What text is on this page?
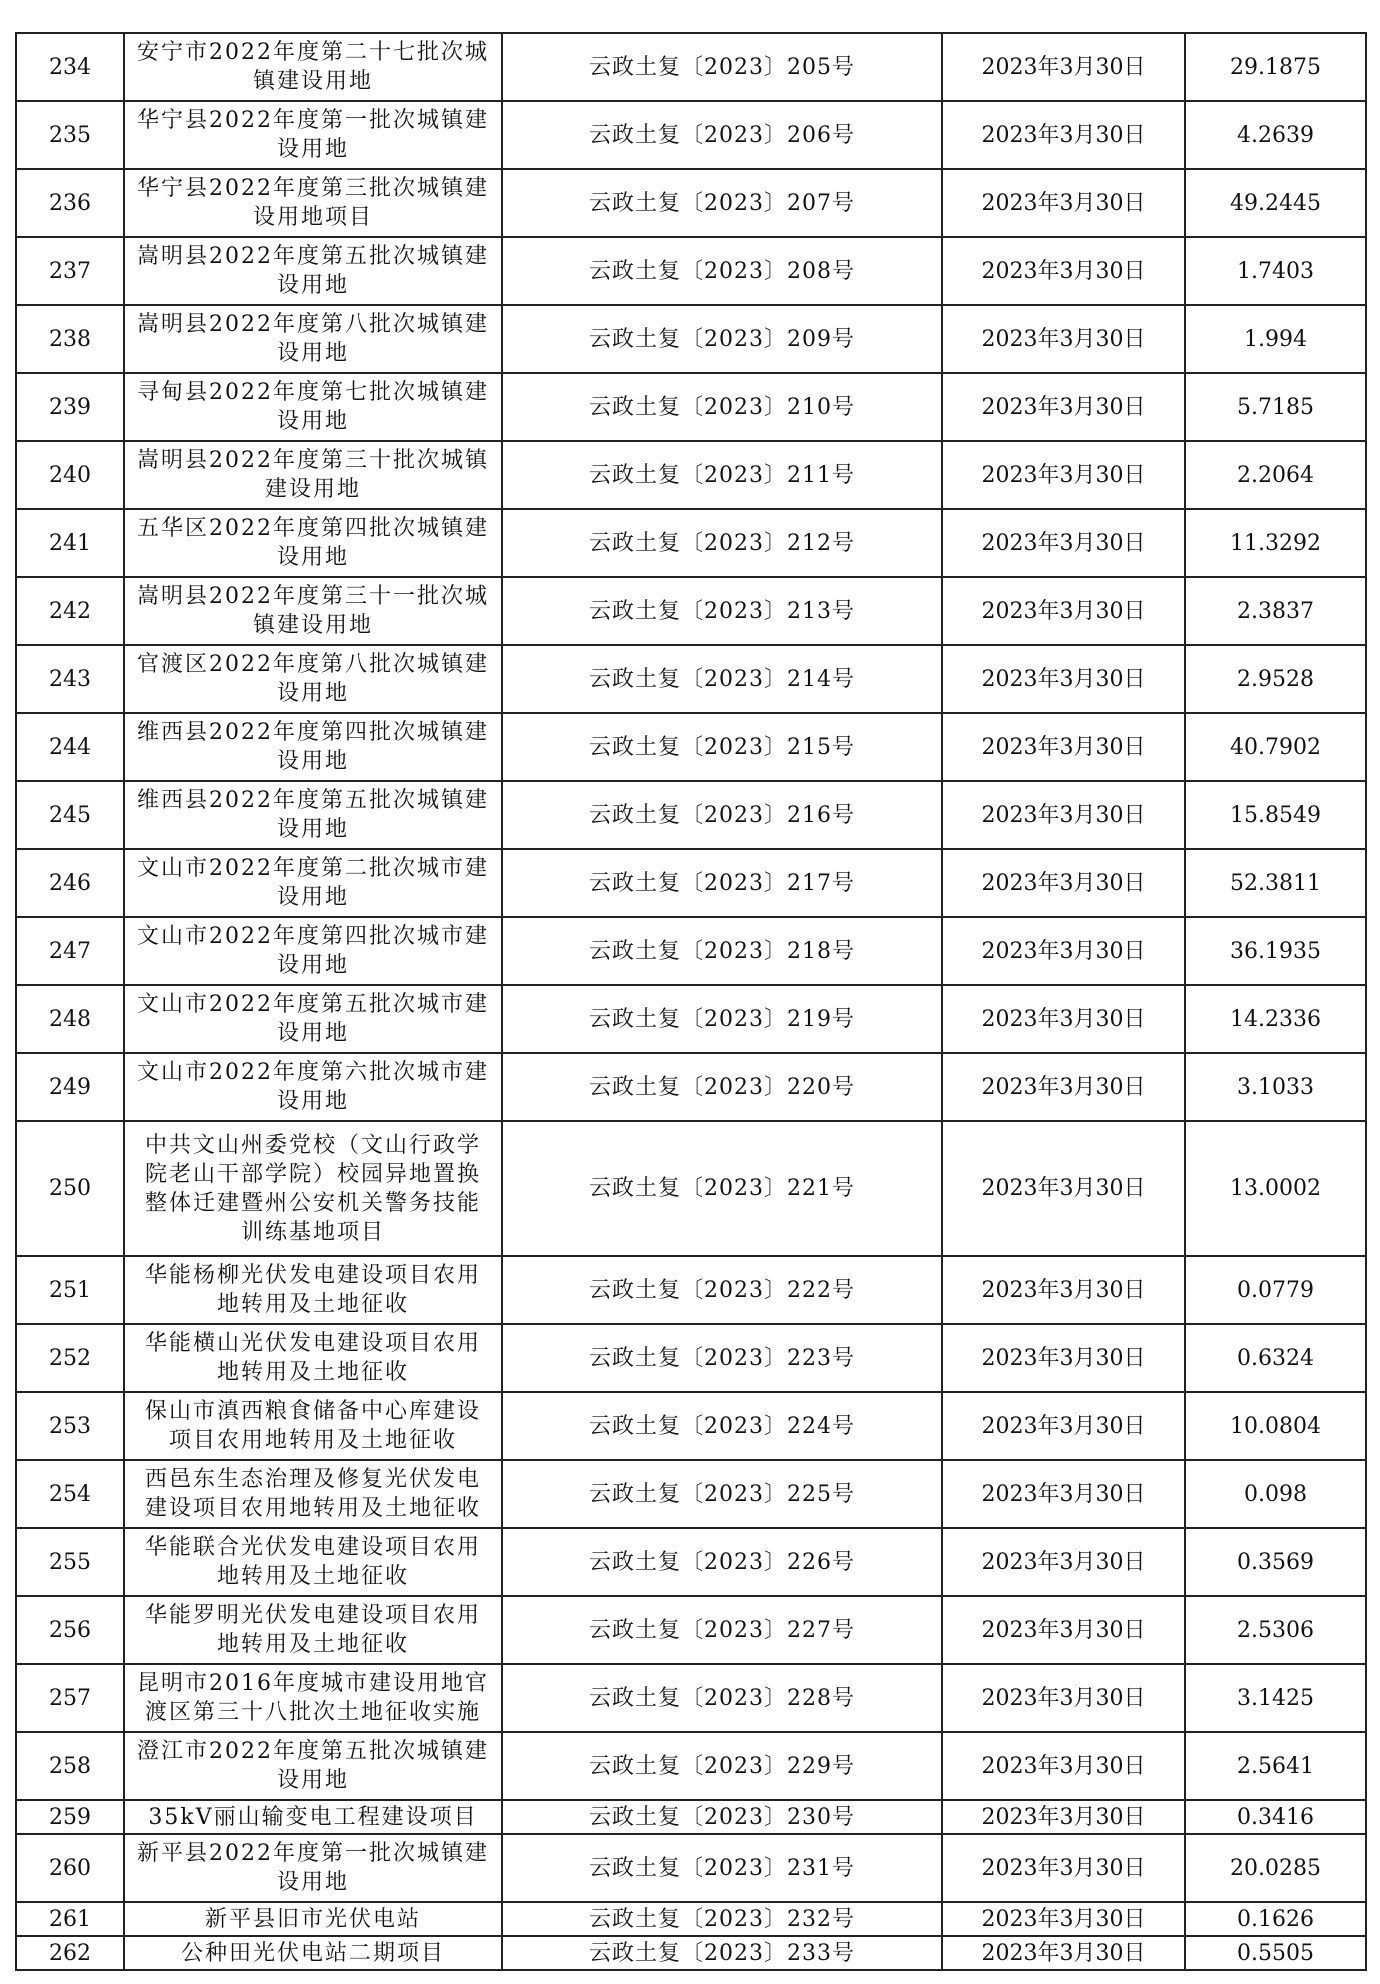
234	安宁市2022年度第二十七批次城镇建设用地	云政土复〔2023〕205号	2023年3月30日	29.1875
235	华宁县2022年度第一批次城镇建设用地	云政土复〔2023〕206号	2023年3月30日	4.2639
236	华宁县2022年度第三批次城镇建设用地项目	云政土复〔2023〕207号	2023年3月30日	49.2445
237	嵩明县2022年度第五批次城镇建设用地	云政土复〔2023〕208号	2023年3月30日	1.7403
238	嵩明县2022年度第八批次城镇建设用地	云政土复〔2023〕209号	2023年3月30日	1.994
239	寻甸县2022年度第七批次城镇建设用地	云政土复〔2023〕210号	2023年3月30日	5.7185
240	嵩明县2022年度第三十批次城镇建设用地	云政土复〔2023〕211号	2023年3月30日	2.2064
241	五华区2022年度第四批次城镇建设用地	云政土复〔2023〕212号	2023年3月30日	11.3292
242	嵩明县2022年度第三十一批次城镇建设用地	云政土复〔2023〕213号	2023年3月30日	2.3837
243	官渡区2022年度第八批次城镇建设用地	云政土复〔2023〕214号	2023年3月30日	2.9528
244	维西县2022年度第四批次城镇建设用地	云政土复〔2023〕215号	2023年3月30日	40.7902
245	维西县2022年度第五批次城镇建设用地	云政土复〔2023〕216号	2023年3月30日	15.8549
246	文山市2022年度第二批次城市建设用地	云政土复〔2023〕217号	2023年3月30日	52.3811
247	文山市2022年度第四批次城市建设用地	云政土复〔2023〕218号	2023年3月30日	36.1935
248	文山市2022年度第五批次城市建设用地	云政土复〔2023〕219号	2023年3月30日	14.2336
249	文山市2022年度第六批次城市建设用地	云政土复〔2023〕220号	2023年3月30日	3.1033
250	中共文山州委党校（文山行政学院老山干部学院）校园异地置换整体迁建暨州公安机关警务技能训练基地项目	云政土复〔2023〕221号	2023年3月30日	13.0002
251	华能杨柳光伏发电建设项目农用地转用及土地征收	云政土复〔2023〕222号	2023年3月30日	0.0779
252	华能横山光伏发电建设项目农用地转用及土地征收	云政土复〔2023〕223号	2023年3月30日	0.6324
253	保山市滇西粮食储备中心库建设项目农用地转用及土地征收	云政土复〔2023〕224号	2023年3月30日	10.0804
254	西邑东生态治理及修复光伏发电建设项目农用地转用及土地征收	云政土复〔2023〕225号	2023年3月30日	0.098
255	华能联合光伏发电建设项目农用地转用及土地征收	云政土复〔2023〕226号	2023年3月30日	0.3569
256	华能罗明光伏发电建设项目农用地转用及土地征收	云政土复〔2023〕227号	2023年3月30日	2.5306
257	昆明市2016年度城市建设用地官渡区第三十八批次土地征收实施	云政土复〔2023〕228号	2023年3月30日	3.1425
258	澄江市2022年度第五批次城镇建设用地	云政土复〔2023〕229号	2023年3月30日	2.5641
259	35kV丽山输变电工程建设项目	云政土复〔2023〕230号	2023年3月30日	0.3416
260	新平县2022年度第一批次城镇建设用地	云政土复〔2023〕231号	2023年3月30日	20.0285
261	新平县旧市光伏电站	云政土复〔2023〕232号	2023年3月30日	0.1626
262	公种田光伏电站二期项目	云政土复〔2023〕233号	2023年3月30日	0.5505
